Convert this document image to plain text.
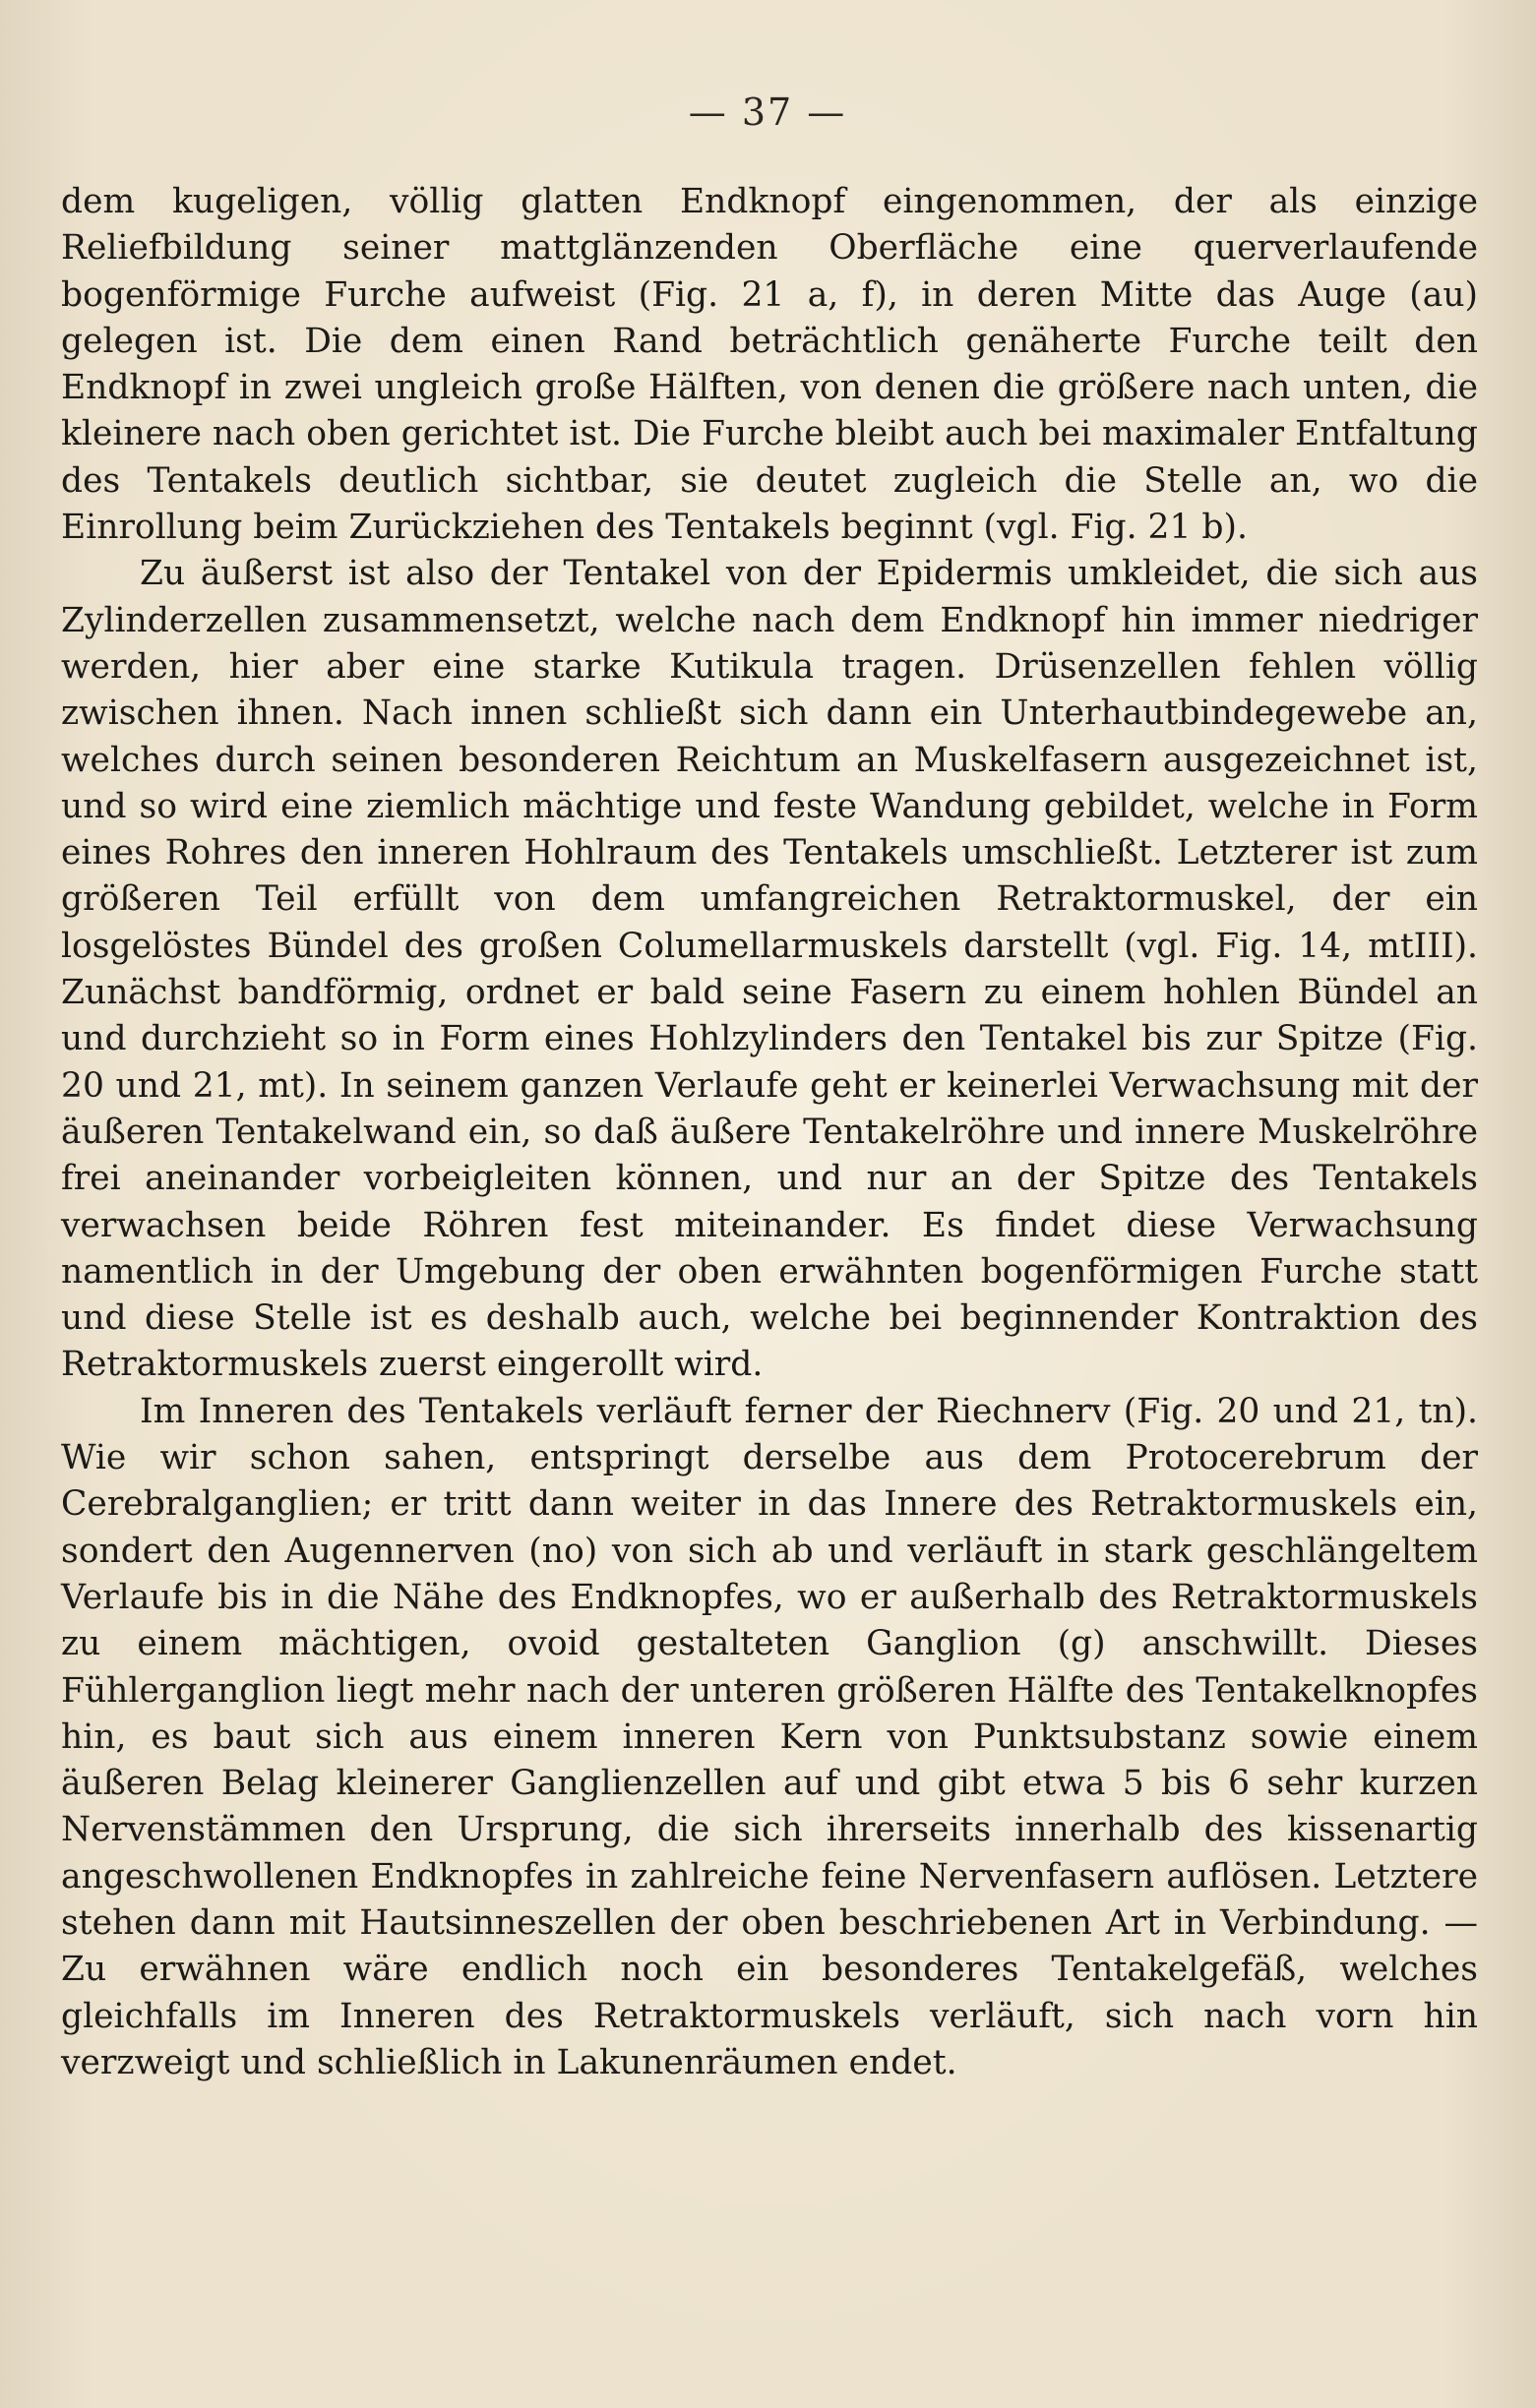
— 37 —

dem kugeligen, völlig glatten Endknopf eingenommen, der als einzige Reliefbildung seiner mattglänzenden Oberfläche eine querverlaufende bogenförmige Furche aufweist (Fig. 21 a, f), in deren Mitte das Auge (au) gelegen ist. Die dem einen Rand beträchtlich genäherte Furche teilt den Endknopf in zwei ungleich große Hälften, von denen die größere nach unten, die kleinere nach oben gerichtet ist. Die Furche bleibt auch bei maximaler Entfaltung des Tentakels deutlich sichtbar, sie deutet zugleich die Stelle an, wo die Einrollung beim Zurückziehen des Tentakels beginnt (vgl. Fig. 21 b).

Zu äußerst ist also der Tentakel von der Epidermis umkleidet, die sich aus Zylinderzellen zusammensetzt, welche nach dem Endknopf hin immer niedriger werden, hier aber eine starke Kutikula tragen. Drüsenzellen fehlen völlig zwischen ihnen. Nach innen schließt sich dann ein Unterhautbindegewebe an, welches durch seinen besonderen Reichtum an Muskelfasern ausgezeichnet ist, und so wird eine ziemlich mächtige und feste Wandung gebildet, welche in Form eines Rohres den inneren Hohlraum des Tentakels umschließt. Letzterer ist zum größeren Teil erfüllt von dem umfangreichen Retraktormuskel, der ein losgelöstes Bündel des großen Columellarmuskels darstellt (vgl. Fig. 14, mtIII). Zunächst bandförmig, ordnet er bald seine Fasern zu einem hohlen Bündel an und durchzieht so in Form eines Hohlzylinders den Tentakel bis zur Spitze (Fig. 20 und 21, mt). In seinem ganzen Verlaufe geht er keinerlei Verwachsung mit der äußeren Tentakelwand ein, so daß äußere Tentakelröhre und innere Muskelröhre frei aneinander vorbeigleiten können, und nur an der Spitze des Tentakels verwachsen beide Röhren fest miteinander. Es findet diese Verwachsung namentlich in der Umgebung der oben erwähnten bogenförmigen Furche statt und diese Stelle ist es deshalb auch, welche bei beginnender Kontraktion des Retraktormuskels zuerst eingerollt wird.

Im Inneren des Tentakels verläuft ferner der Riechnerv (Fig. 20 und 21, tn). Wie wir schon sahen, entspringt derselbe aus dem Protocerebrum der Cerebralganglien; er tritt dann weiter in das Innere des Retraktormuskels ein, sondert den Augennerven (no) von sich ab und verläuft in stark geschlängeltem Verlaufe bis in die Nähe des Endknopfes, wo er außerhalb des Retraktormuskels zu einem mächtigen, ovoid gestalteten Ganglion (g) anschwillt. Dieses Fühlerganglion liegt mehr nach der unteren größeren Hälfte des Tentakelknopfes hin, es baut sich aus einem inneren Kern von Punktsubstanz sowie einem äußeren Belag kleinerer Ganglienzellen auf und gibt etwa 5 bis 6 sehr kurzen Nervenstämmen den Ursprung, die sich ihrerseits innerhalb des kissenartig angeschwollenen Endknopfes in zahlreiche feine Nervenfasern auflösen. Letztere stehen dann mit Hautsinneszellen der oben beschriebenen Art in Verbindung. — Zu erwähnen wäre endlich noch ein besonderes Tentakelgefäß, welches gleichfalls im Inneren des Retraktormuskels verläuft, sich nach vorn hin verzweigt und schließlich in Lakunenräumen endet.
